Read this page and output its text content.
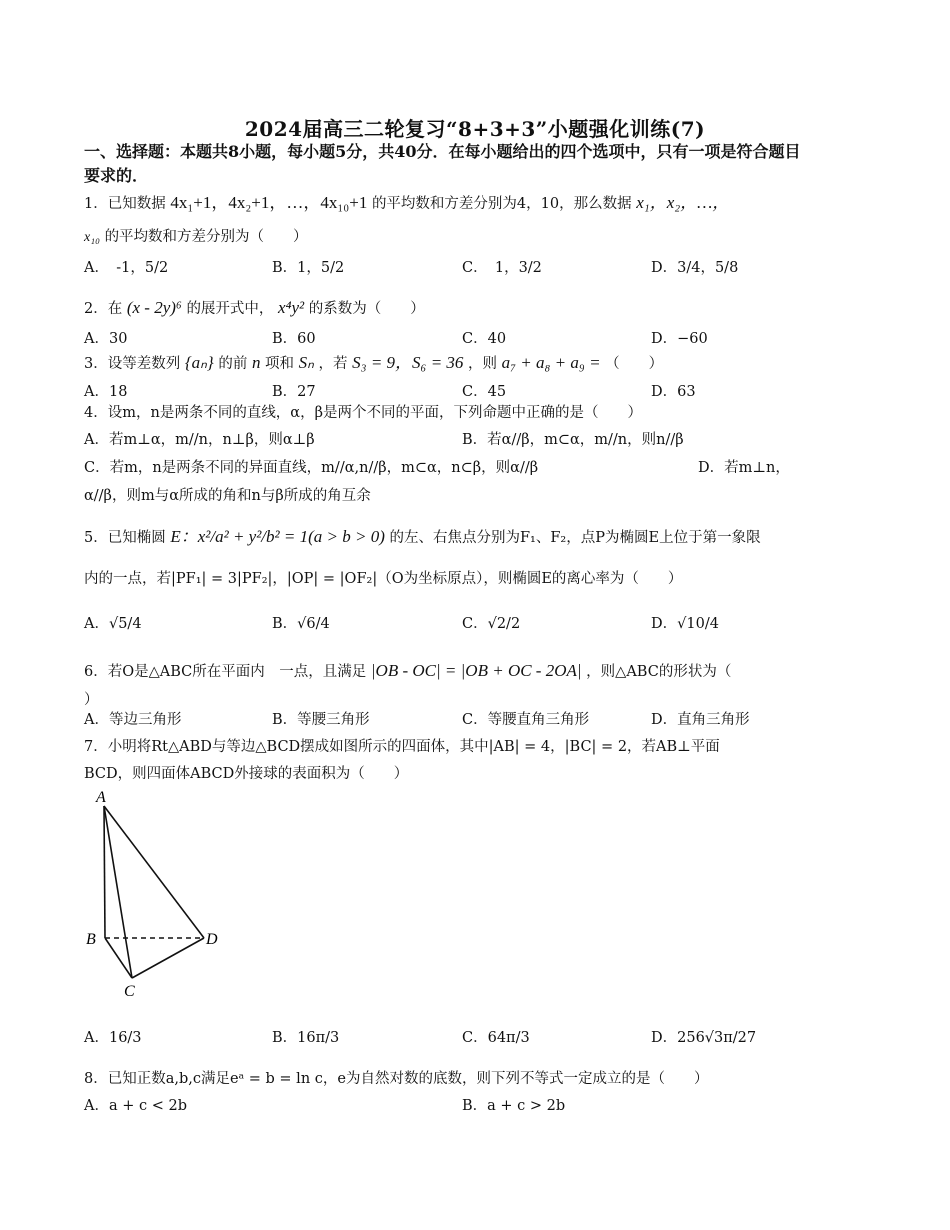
2024届高三二轮复习“8+3+3”小题强化训练(7)
一、选择题：本题共8小题，每小题5分，共40分．在每小题给出的四个选项中，只有一项是符合题目要求的．
1．已知数据 4x₁+1，4x₂+1，…，4x₁₀+1 的平均数和方差分别为4，10，那么数据 x₁，x₂，…，
x₁₀ 的平均数和方差分别为（　　）
A．　-1，5/2	B．1，5/2	C．　1，3/2	D．3/4，5/8
2．在 (x - 2y)⁶ 的展开式中， x⁴y² 的系数为（　　）
A．30	B．60	C．40	D．−60
3．设等差数列 {aₙ} 的前 n 项和 Sₙ ，若 S₃ = 9，S₆ = 36 ，则 a₇ + a₈ + a₉ = （　　）
A．18	B．27	C．45	D．63
4．设m，n是两条不同的直线，α，β是两个不同的平面，下列命题中正确的是（　　）
A．若m⊥α，m//n，n⊥β，则α⊥β	B．若α//β，m⊂α，m//n，则n//β
C．若m，n是两条不同的异面直线，m//α,n//β，m⊂α，n⊂β，则α//β	D．若m⊥n，
α//β，则m与α所成的角和n与β所成的角互余
5．已知椭圆 E：x²/a² + y²/b² = 1(a > b > 0) 的左、右焦点分别为F₁、F₂，点P为椭圆E上位于第一象限
内的一点，若|PF₁| = 3|PF₂|，|OP| = |OF₂|（O为坐标原点），则椭圆E的离心率为（　　）
A．√5/4	B．√6/4	C．√2/2	D．√10/4
6．若O是△ABC所在平面内　一点，且满足 |OB - OC| = |OB + OC - 2OA| ，则△ABC的形状为（
）
A．等边三角形	B．等腰三角形	C．等腰直角三角形	D．直角三角形
7．小明将Rt△ABD与等边△BCD摆成如图所示的四面体，其中|AB| = 4，|BC| = 2，若AB⊥平面
BCD，则四面体ABCD外接球的表面积为（　　）
A
B
C
D
A．16/3	B．16π/3	C．64π/3	D．256√3π/27
8．已知正数a,b,c满足eᵃ = b = ln c，e为自然对数的底数，则下列不等式一定成立的是（　　）
A．a + c < 2b	B．a + c > 2b
